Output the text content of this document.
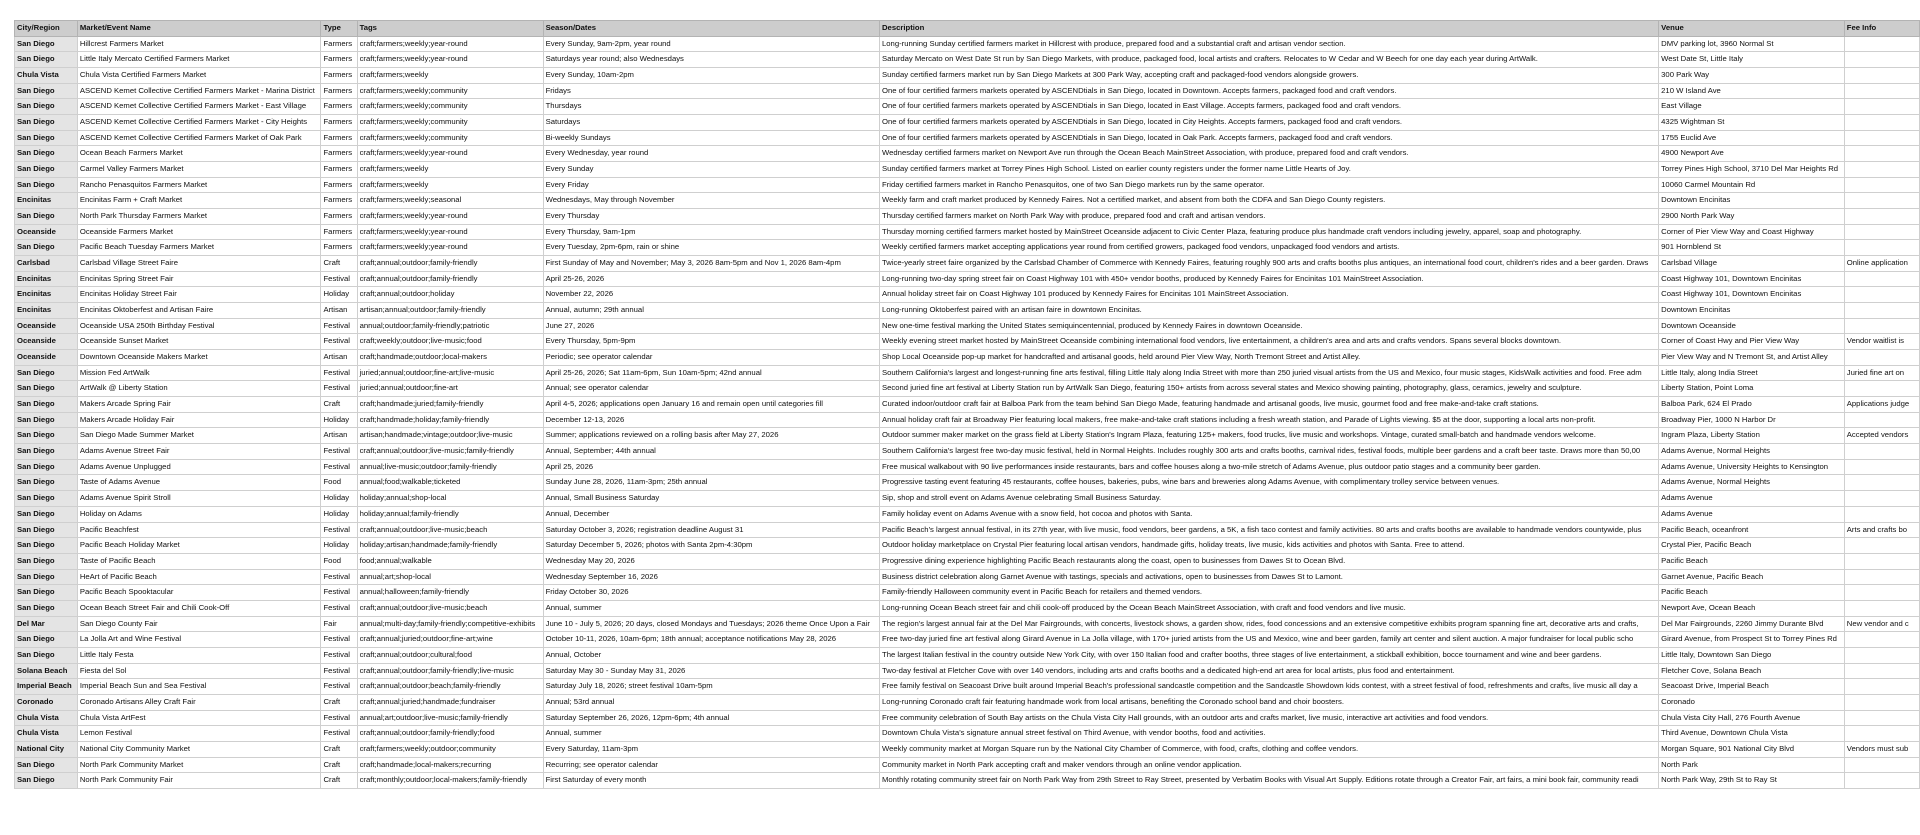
City/Region	Market/Event Name	Type	Tags	Season/Dates	Description	Venue	Fee Info
San Diego	Hillcrest Farmers Market	Farmers	craft;farmers;weekly;year-round	Every Sunday, 9am-2pm, year round	Long-running Sunday certified farmers market in Hillcrest with produce, prepared food and a substantial craft and artisan vendor section.	DMV parking lot, 3960 Normal St	
San Diego	Little Italy Mercato Certified Farmers Market	Farmers	craft;farmers;weekly;year-round	Saturdays year round; also Wednesdays	Saturday Mercato on West Date St run by San Diego Markets, with produce, packaged food, local artists and crafters. Relocates to W Cedar and W Beech for one day each year during ArtWalk.	West Date St, Little Italy	
Chula Vista	Chula Vista Certified Farmers Market	Farmers	craft;farmers;weekly	Every Sunday, 10am-2pm	Sunday certified farmers market run by San Diego Markets at 300 Park Way, accepting craft and packaged-food vendors alongside growers.	300 Park Way	
San Diego	ASCEND Kemet Collective Certified Farmers Market - Marina District	Farmers	craft;farmers;weekly;community	Fridays	One of four certified farmers markets operated by ASCENDtials in San Diego, located in Downtown. Accepts farmers, packaged food and craft vendors.	210 W Island Ave	
San Diego	ASCEND Kemet Collective Certified Farmers Market - East Village	Farmers	craft;farmers;weekly;community	Thursdays	One of four certified farmers markets operated by ASCENDtials in San Diego, located in East Village. Accepts farmers, packaged food and craft vendors.	East Village	
San Diego	ASCEND Kemet Collective Certified Farmers Market - City Heights	Farmers	craft;farmers;weekly;community	Saturdays	One of four certified farmers markets operated by ASCENDtials in San Diego, located in City Heights. Accepts farmers, packaged food and craft vendors.	4325 Wightman St	
San Diego	ASCEND Kemet Collective Certified Farmers Market of Oak Park	Farmers	craft;farmers;weekly;community	Bi-weekly Sundays	One of four certified farmers markets operated by ASCENDtials in San Diego, located in Oak Park. Accepts farmers, packaged food and craft vendors.	1755 Euclid Ave	
San Diego	Ocean Beach Farmers Market	Farmers	craft;farmers;weekly;year-round	Every Wednesday, year round	Wednesday certified farmers market on Newport Ave run through the Ocean Beach MainStreet Association, with produce, prepared food and craft vendors.	4900 Newport Ave	
San Diego	Carmel Valley Farmers Market	Farmers	craft;farmers;weekly	Every Sunday	Sunday certified farmers market at Torrey Pines High School. Listed on earlier county registers under the former name Little Hearts of Joy.	Torrey Pines High School, 3710 Del Mar Heights Rd	
San Diego	Rancho Penasquitos Farmers Market	Farmers	craft;farmers;weekly	Every Friday	Friday certified farmers market in Rancho Penasquitos, one of two San Diego markets run by the same operator.	10060 Carmel Mountain Rd	
Encinitas	Encinitas Farm + Craft Market	Farmers	craft;farmers;weekly;seasonal	Wednesdays, May through November	Weekly farm and craft market produced by Kennedy Faires. Not a certified market, and absent from both the CDFA and San Diego County registers.	Downtown Encinitas	
San Diego	North Park Thursday Farmers Market	Farmers	craft;farmers;weekly;year-round	Every Thursday	Thursday certified farmers market on North Park Way with produce, prepared food and craft and artisan vendors.	2900 North Park Way	
Oceanside	Oceanside Farmers Market	Farmers	craft;farmers;weekly;year-round	Every Thursday, 9am-1pm	Thursday morning certified farmers market hosted by MainStreet Oceanside adjacent to Civic Center Plaza, featuring produce plus handmade craft vendors including jewelry, apparel, soap and photography.	Corner of Pier View Way and Coast Highway	
San Diego	Pacific Beach Tuesday Farmers Market	Farmers	craft;farmers;weekly;year-round	Every Tuesday, 2pm-6pm, rain or shine	Weekly certified farmers market accepting applications year round from certified growers, packaged food vendors, unpackaged food vendors and artists.	901 Hornblend St	
Carlsbad	Carlsbad Village Street Faire	Craft	craft;annual;outdoor;family-friendly	First Sunday of May and November; May 3, 2026 8am-5pm and Nov 1, 2026 8am-4pm	Twice-yearly street faire organized by the Carlsbad Chamber of Commerce with Kennedy Faires, featuring roughly 900 arts and crafts booths plus antiques, an international food court, children's rides and a beer garden. Draws	Carlsbad Village	Online application
Encinitas	Encinitas Spring Street Fair	Festival	craft;annual;outdoor;family-friendly	April 25-26, 2026	Long-running two-day spring street fair on Coast Highway 101 with 450+ vendor booths, produced by Kennedy Faires for Encinitas 101 MainStreet Association.	Coast Highway 101, Downtown Encinitas	
Encinitas	Encinitas Holiday Street Fair	Holiday	craft;annual;outdoor;holiday	November 22, 2026	Annual holiday street fair on Coast Highway 101 produced by Kennedy Faires for Encinitas 101 MainStreet Association.	Coast Highway 101, Downtown Encinitas	
Encinitas	Encinitas Oktoberfest and Artisan Faire	Artisan	artisan;annual;outdoor;family-friendly	Annual, autumn; 29th annual	Long-running Oktoberfest paired with an artisan faire in downtown Encinitas.	Downtown Encinitas	
Oceanside	Oceanside USA 250th Birthday Festival	Festival	annual;outdoor;family-friendly;patriotic	June 27, 2026	New one-time festival marking the United States semiquincentennial, produced by Kennedy Faires in downtown Oceanside.	Downtown Oceanside	
Oceanside	Oceanside Sunset Market	Festival	craft;weekly;outdoor;live-music;food	Every Thursday, 5pm-9pm	Weekly evening street market hosted by MainStreet Oceanside combining international food vendors, live entertainment, a children's area and arts and crafts vendors. Spans several blocks downtown.	Corner of Coast Hwy and Pier View Way	Vendor waitlist is
Oceanside	Downtown Oceanside Makers Market	Artisan	craft;handmade;outdoor;local-makers	Periodic; see operator calendar	Shop Local Oceanside pop-up market for handcrafted and artisanal goods, held around Pier View Way, North Tremont Street and Artist Alley.	Pier View Way and N Tremont St, and Artist Alley	
San Diego	Mission Fed ArtWalk	Festival	juried;annual;outdoor;fine-art;live-music	April 25-26, 2026; Sat 11am-6pm, Sun 10am-5pm; 42nd annual	Southern California's largest and longest-running fine arts festival, filling Little Italy along India Street with more than 250 juried visual artists from the US and Mexico, four music stages, KidsWalk activities and food. Free adm	Little Italy, along India Street	Juried fine art on
San Diego	ArtWalk @ Liberty Station	Festival	juried;annual;outdoor;fine-art	Annual; see operator calendar	Second juried fine art festival at Liberty Station run by ArtWalk San Diego, featuring 150+ artists from across several states and Mexico showing painting, photography, glass, ceramics, jewelry and sculpture.	Liberty Station, Point Loma	
San Diego	Makers Arcade Spring Fair	Craft	craft;handmade;juried;family-friendly	April 4-5, 2026; applications open January 16 and remain open until categories fill	Curated indoor/outdoor craft fair at Balboa Park from the team behind San Diego Made, featuring handmade and artisanal goods, live music, gourmet food and free make-and-take craft stations.	Balboa Park, 624 El Prado	Applications judge
San Diego	Makers Arcade Holiday Fair	Holiday	craft;handmade;holiday;family-friendly	December 12-13, 2026	Annual holiday craft fair at Broadway Pier featuring local makers, free make-and-take craft stations including a fresh wreath station, and Parade of Lights viewing. $5 at the door, supporting a local arts non-profit.	Broadway Pier, 1000 N Harbor Dr	
San Diego	San Diego Made Summer Market	Artisan	artisan;handmade;vintage;outdoor;live-music	Summer; applications reviewed on a rolling basis after May 27, 2026	Outdoor summer maker market on the grass field at Liberty Station's Ingram Plaza, featuring 125+ makers, food trucks, live music and workshops. Vintage, curated small-batch and handmade vendors welcome.	Ingram Plaza, Liberty Station	Accepted vendors
San Diego	Adams Avenue Street Fair	Festival	craft;annual;outdoor;live-music;family-friendly	Annual, September; 44th annual	Southern California's largest free two-day music festival, held in Normal Heights. Includes roughly 300 arts and crafts booths, carnival rides, festival foods, multiple beer gardens and a craft beer taste. Draws more than 50,00	Adams Avenue, Normal Heights	
San Diego	Adams Avenue Unplugged	Festival	annual;live-music;outdoor;family-friendly	April 25, 2026	Free musical walkabout with 90 live performances inside restaurants, bars and coffee houses along a two-mile stretch of Adams Avenue, plus outdoor patio stages and a community beer garden.	Adams Avenue, University Heights to Kensington	
San Diego	Taste of Adams Avenue	Food	annual;food;walkable;ticketed	Sunday June 28, 2026, 11am-3pm; 25th annual	Progressive tasting event featuring 45 restaurants, coffee houses, bakeries, pubs, wine bars and breweries along Adams Avenue, with complimentary trolley service between venues.	Adams Avenue, Normal Heights	
San Diego	Adams Avenue Spirit Stroll	Holiday	holiday;annual;shop-local	Annual, Small Business Saturday	Sip, shop and stroll event on Adams Avenue celebrating Small Business Saturday.	Adams Avenue	
San Diego	Holiday on Adams	Holiday	holiday;annual;family-friendly	Annual, December	Family holiday event on Adams Avenue with a snow field, hot cocoa and photos with Santa.	Adams Avenue	
San Diego	Pacific Beachfest	Festival	craft;annual;outdoor;live-music;beach	Saturday October 3, 2026; registration deadline August 31	Pacific Beach's largest annual festival, in its 27th year, with live music, food vendors, beer gardens, a 5K, a fish taco contest and family activities. 80 arts and crafts booths are available to handmade vendors countywide, plus	Pacific Beach, oceanfront	Arts and crafts bo
San Diego	Pacific Beach Holiday Market	Holiday	holiday;artisan;handmade;family-friendly	Saturday December 5, 2026; photos with Santa 2pm-4:30pm	Outdoor holiday marketplace on Crystal Pier featuring local artisan vendors, handmade gifts, holiday treats, live music, kids activities and photos with Santa. Free to attend.	Crystal Pier, Pacific Beach	
San Diego	Taste of Pacific Beach	Food	food;annual;walkable	Wednesday May 20, 2026	Progressive dining experience highlighting Pacific Beach restaurants along the coast, open to businesses from Dawes St to Ocean Blvd.	Pacific Beach	
San Diego	HeArt of Pacific Beach	Festival	annual;art;shop-local	Wednesday September 16, 2026	Business district celebration along Garnet Avenue with tastings, specials and activations, open to businesses from Dawes St to Lamont.	Garnet Avenue, Pacific Beach	
San Diego	Pacific Beach Spooktacular	Festival	annual;halloween;family-friendly	Friday October 30, 2026	Family-friendly Halloween community event in Pacific Beach for retailers and themed vendors.	Pacific Beach	
San Diego	Ocean Beach Street Fair and Chili Cook-Off	Festival	craft;annual;outdoor;live-music;beach	Annual, summer	Long-running Ocean Beach street fair and chili cook-off produced by the Ocean Beach MainStreet Association, with craft and food vendors and live music.	Newport Ave, Ocean Beach	
Del Mar	San Diego County Fair	Fair	annual;multi-day;family-friendly;competitive-exhibits	June 10 - July 5, 2026; 20 days, closed Mondays and Tuesdays; 2026 theme Once Upon a Fair	The region's largest annual fair at the Del Mar Fairgrounds, with concerts, livestock shows, a garden show, rides, food concessions and an extensive competitive exhibits program spanning fine art, decorative arts and crafts,	Del Mar Fairgrounds, 2260 Jimmy Durante Blvd	New vendor and c
San Diego	La Jolla Art and Wine Festival	Festival	craft;annual;juried;outdoor;fine-art;wine	October 10-11, 2026, 10am-6pm; 18th annual; acceptance notifications May 28, 2026	Free two-day juried fine art festival along Girard Avenue in La Jolla village, with 170+ juried artists from the US and Mexico, wine and beer garden, family art center and silent auction. A major fundraiser for local public scho	Girard Avenue, from Prospect St to Torrey Pines Rd	
San Diego	Little Italy Festa	Festival	craft;annual;outdoor;cultural;food	Annual, October	The largest Italian festival in the country outside New York City, with over 150 Italian food and crafter booths, three stages of live entertainment, a stickball exhibition, bocce tournament and wine and beer gardens.	Little Italy, Downtown San Diego	
Solana Beach	Fiesta del Sol	Festival	craft;annual;outdoor;family-friendly;live-music	Saturday May 30 - Sunday May 31, 2026	Two-day festival at Fletcher Cove with over 140 vendors, including arts and crafts booths and a dedicated high-end art area for local artists, plus food and entertainment.	Fletcher Cove, Solana Beach	
Imperial Beach	Imperial Beach Sun and Sea Festival	Festival	craft;annual;outdoor;beach;family-friendly	Saturday July 18, 2026; street festival 10am-5pm	Free family festival on Seacoast Drive built around Imperial Beach's professional sandcastle competition and the Sandcastle Showdown kids contest, with a street festival of food, refreshments and crafts, live music all day a	Seacoast Drive, Imperial Beach	
Coronado	Coronado Artisans Alley Craft Fair	Craft	craft;annual;juried;handmade;fundraiser	Annual; 53rd annual	Long-running Coronado craft fair featuring handmade work from local artisans, benefiting the Coronado school band and choir boosters.	Coronado	
Chula Vista	Chula Vista ArtFest	Festival	annual;art;outdoor;live-music;family-friendly	Saturday September 26, 2026, 12pm-6pm; 4th annual	Free community celebration of South Bay artists on the Chula Vista City Hall grounds, with an outdoor arts and crafts market, live music, interactive art activities and food vendors.	Chula Vista City Hall, 276 Fourth Avenue	
Chula Vista	Lemon Festival	Festival	craft;annual;outdoor;family-friendly;food	Annual, summer	Downtown Chula Vista's signature annual street festival on Third Avenue, with vendor booths, food and activities.	Third Avenue, Downtown Chula Vista	
National City	National City Community Market	Craft	craft;farmers;weekly;outdoor;community	Every Saturday, 11am-3pm	Weekly community market at Morgan Square run by the National City Chamber of Commerce, with food, crafts, clothing and coffee vendors.	Morgan Square, 901 National City Blvd	Vendors must sub
San Diego	North Park Community Market	Craft	craft;handmade;local-makers;recurring	Recurring; see operator calendar	Community market in North Park accepting craft and maker vendors through an online vendor application.	North Park	
San Diego	North Park Community Fair	Craft	craft;monthly;outdoor;local-makers;family-friendly	First Saturday of every month	Monthly rotating community street fair on North Park Way from 29th Street to Ray Street, presented by Verbatim Books with Visual Art Supply. Editions rotate through a Creator Fair, art fairs, a mini book fair, community readi	North Park Way, 29th St to Ray St	
